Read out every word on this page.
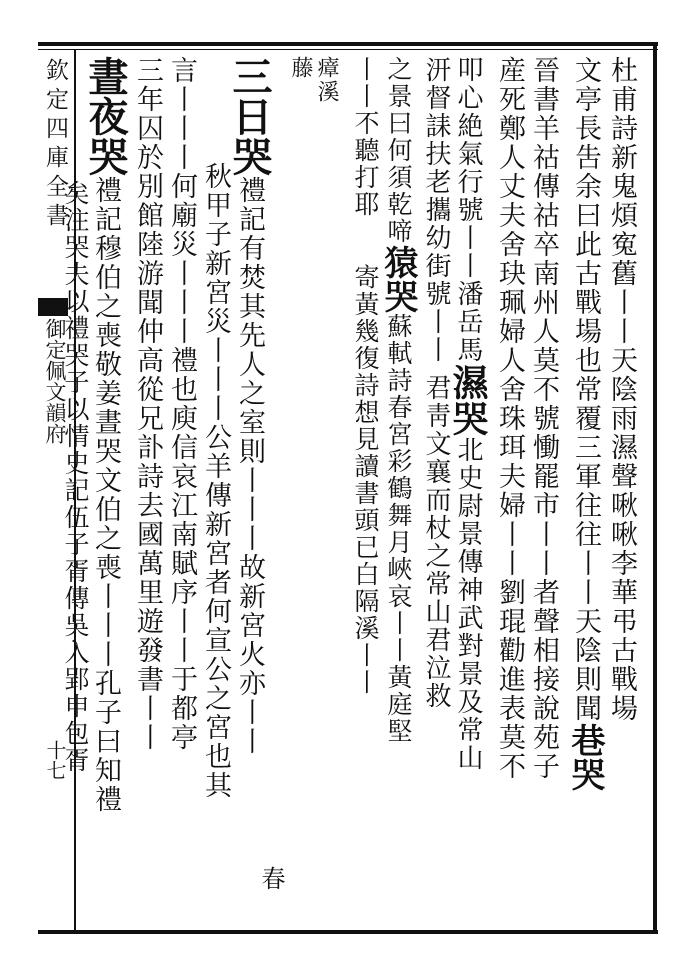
欽定四庫全書
御定佩文韻府
十七
杜甫詩新鬼煩寃舊丨丨天陰雨濕聲啾啾李華弔古戰場
文亭長吿余曰此古戰場也常覆三軍往往丨丨天陰則聞巷哭
晉書羊祜傳祜卒南州人莫不號慟罷市丨丨者聲相接說苑子
産死鄭人丈夫舍玦珮婦人舍珠珥夫婦丨丨劉琨勸進表莫不
叩心絶氣行號丨丨潘岳馬濕哭北史尉景傳神武對景及常山
汧督誄扶老攜幼街號丨丨君靑文襄而杖之常山君泣救
之景曰何須乾啼猿哭蘇軾詩春宮彩鶴舞月峽哀丨丨黃庭堅
丨丨不聽打耶寄黃幾復詩想見讀書頭已白隔溪丨丨
瘴溪
藤
三日哭禮記有焚其先人之室則丨丨丨故新宮火亦丨丨
秋甲子新宮災丨丨丨公羊傳新宮者何宣公之宮也其
言丨丨丨何廟災丨丨丨禮也庾信哀江南賦序丨丨于都亭
三年囚於別館陸游聞仲高從兄訃詩去國萬里遊發書丨丨
春
晝夜哭禮記穆伯之喪敬姜晝哭文伯之喪丨丨丨孔子曰知禮
矣注哭夫以禮哭子以情史記伍子胥傳吳入郢申包胥
